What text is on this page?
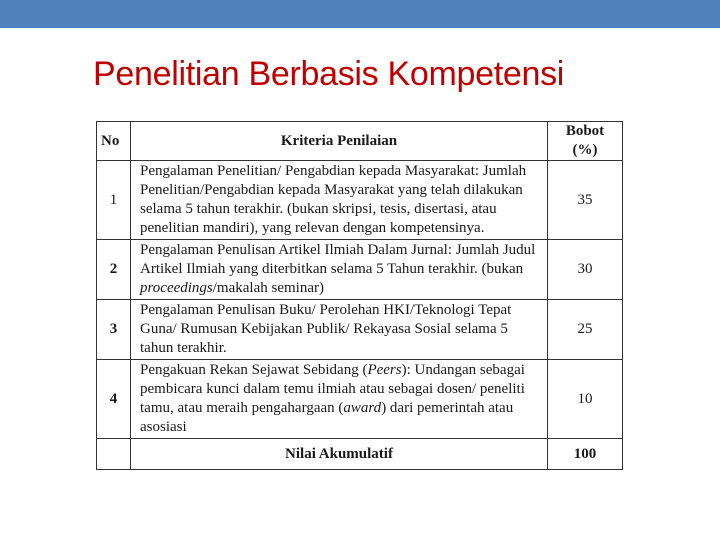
Penelitian Berbasis Kompetensi
No	Kriteria Penilaian	Bobot
(%)

1	Pengalaman Penelitian/ Pengabdian kepada Masyarakat: Jumlah Penelitian/Pengabdian kepada Masyarakat yang telah dilakukan selama 5 tahun terakhir. (bukan skripsi, tesis, disertasi, atau penelitian mandiri), yang relevan dengan kompetensinya.	35
2	Pengalaman Penulisan Artikel Ilmiah Dalam Jurnal: Jumlah Judul Artikel Ilmiah yang diterbitkan selama 5 Tahun terakhir. (bukan proceedings/makalah seminar)	30
3	Pengalaman Penulisan Buku/ Perolehan HKI/Teknologi Tepat Guna/ Rumusan Kebijakan Publik/ Rekayasa Sosial selama 5 tahun terakhir.	25
4	Pengakuan Rekan Sejawat Sebidang (Peers): Undangan sebagai pembicara kunci dalam temu ilmiah atau sebagai dosen/ peneliti tamu, atau meraih pengahargaan (award) dari pemerintah atau asosiasi	10
	Nilai Akumulatif	100
